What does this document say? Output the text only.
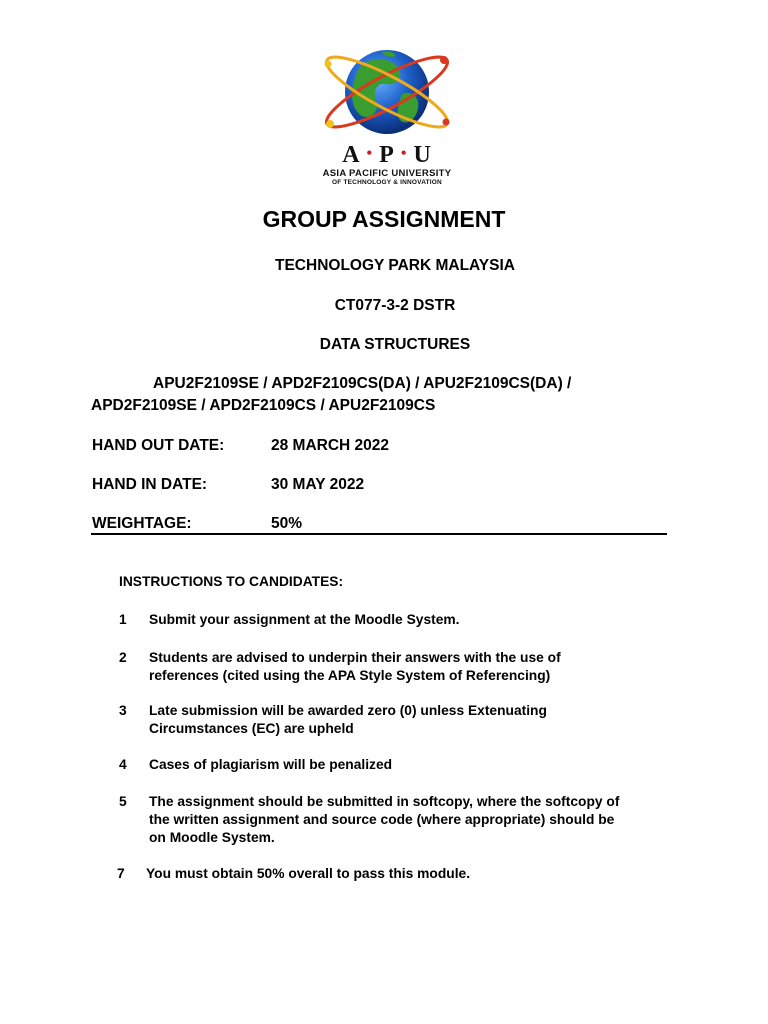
A • P • U
ASIA PACIFIC UNIVERSITY
OF TECHNOLOGY & INNOVATION
GROUP ASSIGNMENT
TECHNOLOGY PARK MALAYSIA
CT077-3-2 DSTR
DATA STRUCTURES
APU2F2109SE / APD2F2109CS(DA) / APU2F2109CS(DA) /
APD2F2109SE / APD2F2109CS / APU2F2109CS
HAND OUT DATE:	28 MARCH 2022
HAND IN DATE:	30 MAY 2022
WEIGHTAGE:	50%
INSTRUCTIONS TO CANDIDATES:
1 Submit your assignment at the Moodle System.
2 Students are advised to underpin their answers with the use of
references (cited using the APA Style System of Referencing)
3 Late submission will be awarded zero (0) unless Extenuating
Circumstances (EC) are upheld
4 Cases of plagiarism will be penalized
5 The assignment should be submitted in softcopy, where the softcopy of
the written assignment and source code (where appropriate) should be
on Moodle System.
7 You must obtain 50% overall to pass this module.
